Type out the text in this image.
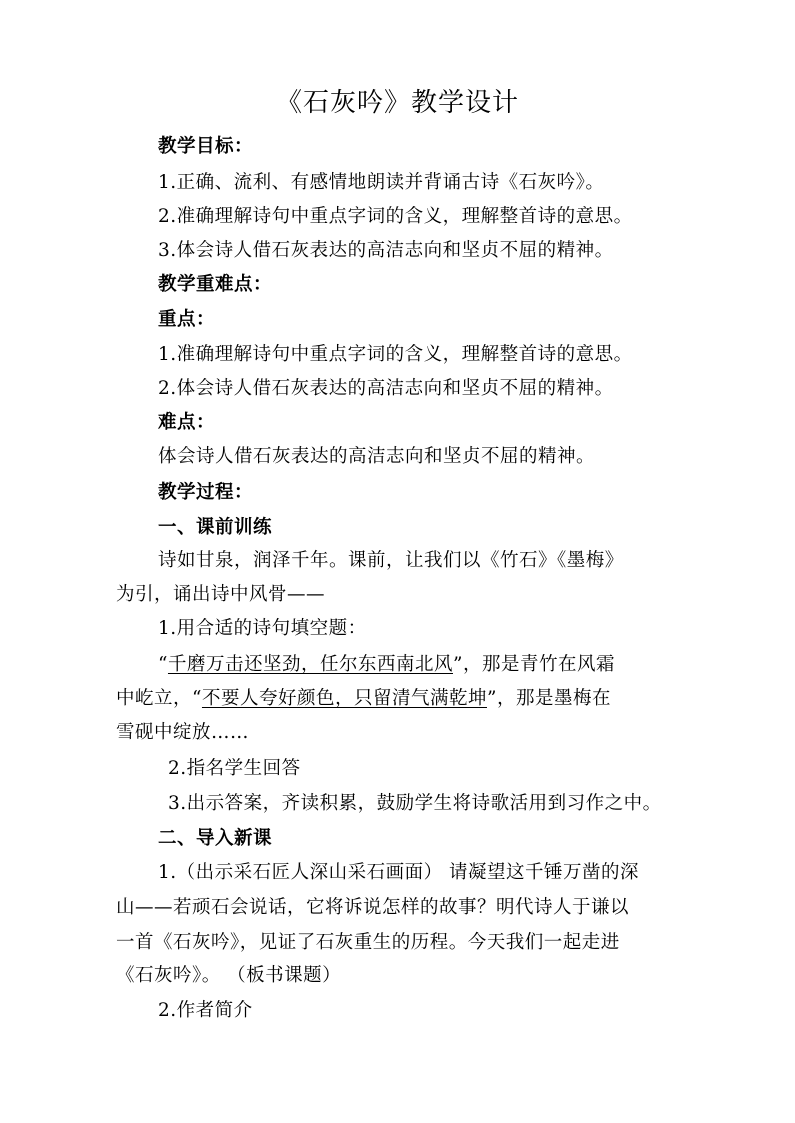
《石灰吟》教学设计
教学目标：
1.正确、流利、有感情地朗读并背诵古诗《石灰吟》。
2.准确理解诗句中重点字词的含义，理解整首诗的意思。
3.体会诗人借石灰表达的高洁志向和坚贞不屈的精神。
教学重难点：
重点：
1.准确理解诗句中重点字词的含义，理解整首诗的意思。
2.体会诗人借石灰表达的高洁志向和坚贞不屈的精神。
难点：
体会诗人借石灰表达的高洁志向和坚贞不屈的精神。
教学过程：
一、课前训练
诗如甘泉，润泽千年。课前，让我们以《竹石》《墨梅》
为引，诵出诗中风骨——
1.用合适的诗句填空题：
“千磨万击还坚劲，任尔东西南北风”，那是青竹在风霜
中屹立，“不要人夸好颜色，只留清气满乾坤”，那是墨梅在
雪砚中绽放……
2.指名学生回答
3.出示答案，齐读积累，鼓励学生将诗歌活用到习作之中。
二、导入新课
1.（出示采石匠人深山采石画面） 请凝望这千锤万凿的深
山——若顽石会说话，它将诉说怎样的故事？明代诗人于谦以
一首《石灰吟》，见证了石灰重生的历程。今天我们一起走进
《石灰吟》。 （板书课题）
2.作者简介
